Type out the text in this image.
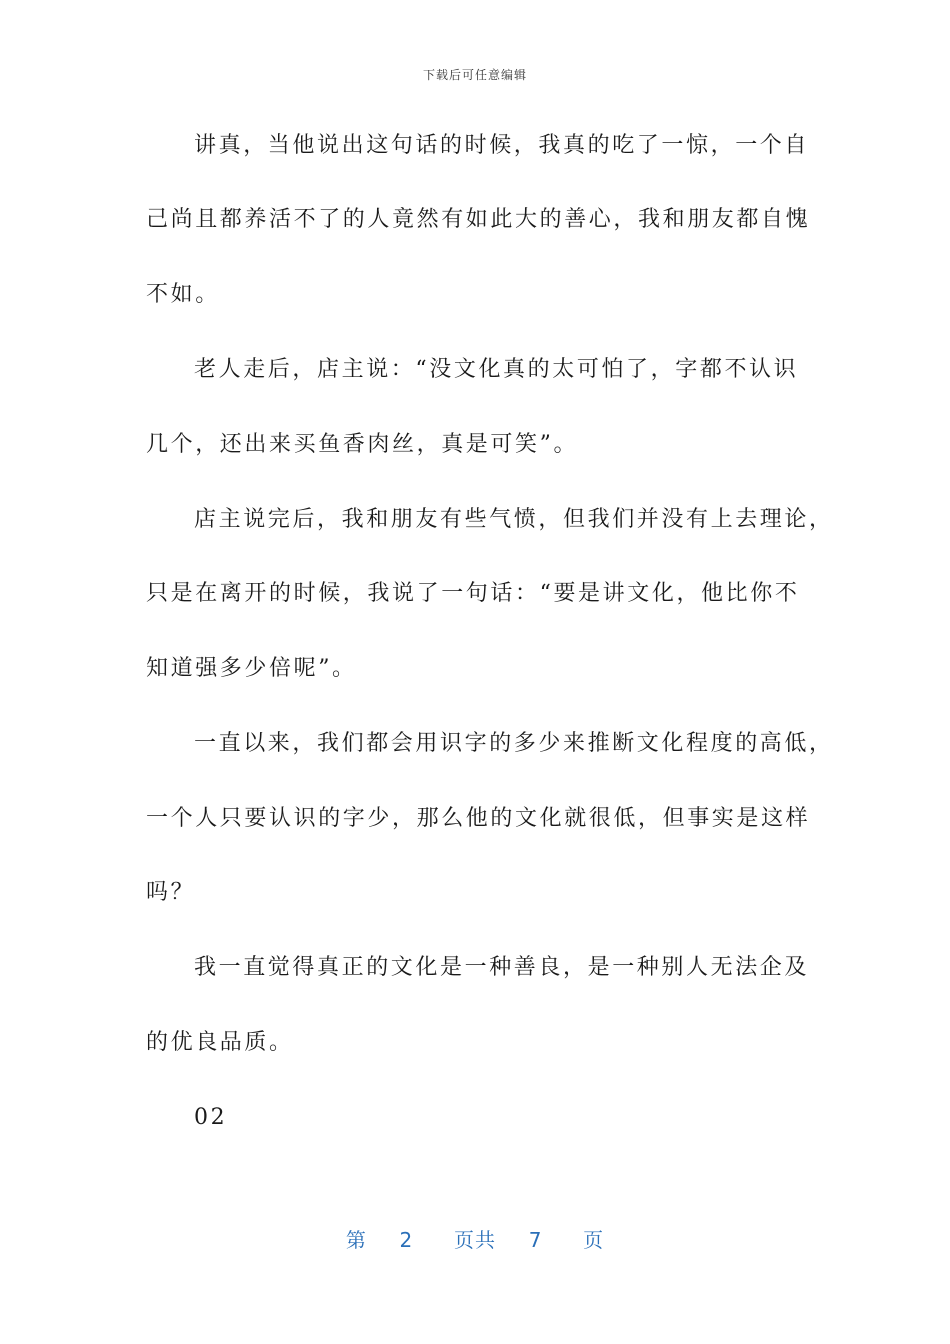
下载后可任意编辑
讲真，当他说出这句话的时候，我真的吃了一惊，一个自
己尚且都养活不了的人竟然有如此大的善心，我和朋友都自愧
不如。
老人走后，店主说：“没文化真的太可怕了，字都不认识
几个，还出来买鱼香肉丝，真是可笑”。
店主说完后，我和朋友有些气愤，但我们并没有上去理论，
只是在离开的时候，我说了一句话：“要是讲文化，他比你不
知道强多少倍呢”。
一直以来，我们都会用识字的多少来推断文化程度的高低，
一个人只要认识的字少，那么他的文化就很低，但事实是这样
吗？
我一直觉得真正的文化是一种善良，是一种别人无法企及
的优良品质。
02
第 2 页共 7 页
